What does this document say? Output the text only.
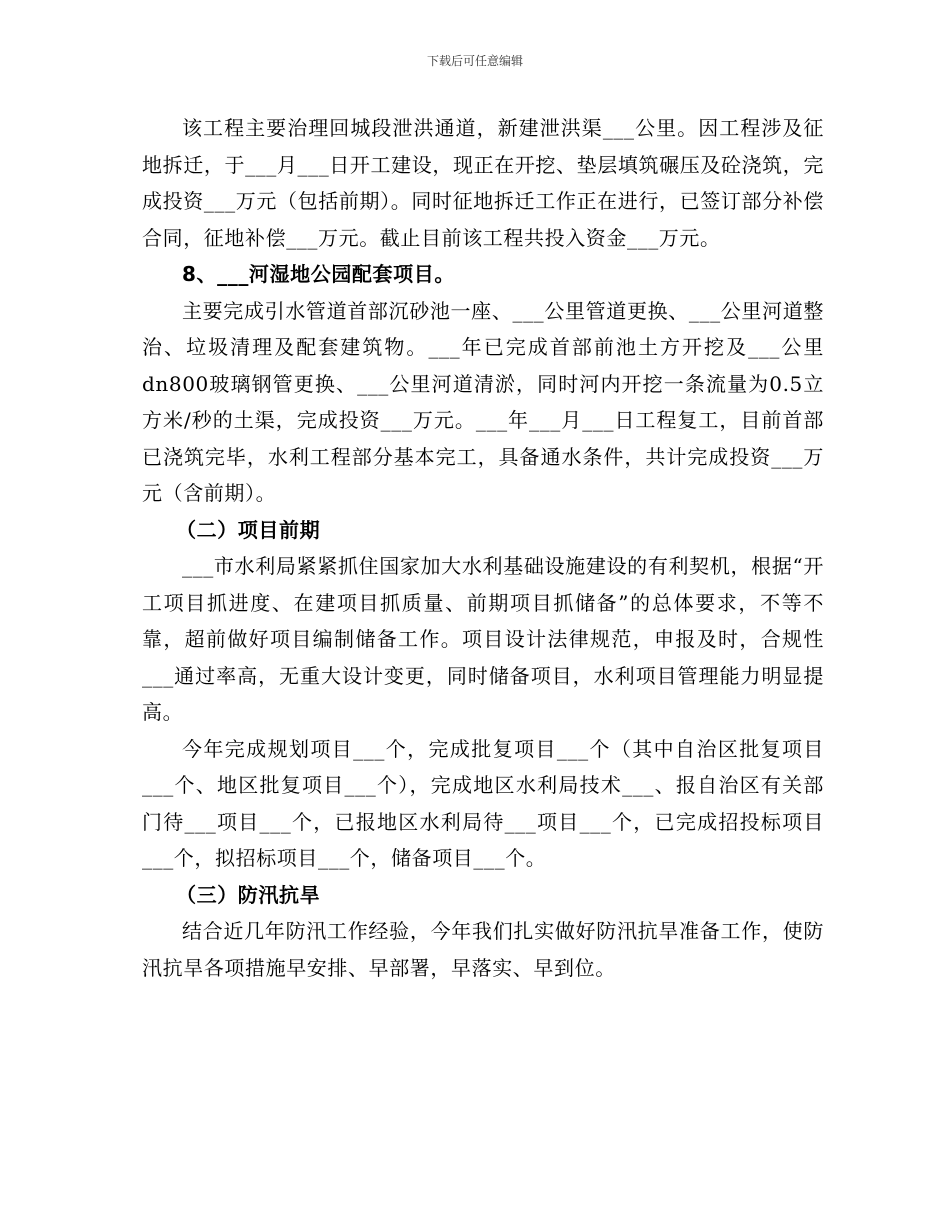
下载后可任意编辑

该工程主要治理回城段泄洪通道，新建泄洪渠___公里。因工程涉及征地拆迁，于___月___日开工建设，现正在开挖、垫层填筑碾压及砼浇筑，完成投资___万元（包括前期）。同时征地拆迁工作正在进行，已签订部分补偿合同，征地补偿___万元。截止目前该工程共投入资金___万元。

8、___河湿地公园配套项目。

主要完成引水管道首部沉砂池一座、___公里管道更换、___公里河道整治、垃圾清理及配套建筑物。___年已完成首部前池土方开挖及___公里dn800玻璃钢管更换、___公里河道清淤，同时河内开挖一条流量为0.5立方米/秒的土渠，完成投资___万元。___年___月___日工程复工，目前首部已浇筑完毕，水利工程部分基本完工，具备通水条件，共计完成投资___万元（含前期）。

（二）项目前期

___市水利局紧紧抓住国家加大水利基础设施建设的有利契机，根据“开工项目抓进度、在建项目抓质量、前期项目抓储备”的总体要求，不等不靠，超前做好项目编制储备工作。项目设计法律规范，申报及时，合规性___通过率高，无重大设计变更，同时储备项目，水利项目管理能力明显提高。

今年完成规划项目___个，完成批复项目___个（其中自治区批复项目___个、地区批复项目___个），完成地区水利局技术___、报自治区有关部门待___项目___个，已报地区水利局待___项目___个，已完成招投标项目___个，拟招标项目___个，储备项目___个。

（三）防汛抗旱

结合近几年防汛工作经验，今年我们扎实做好防汛抗旱准备工作，使防汛抗旱各项措施早安排、早部署，早落实、早到位。
